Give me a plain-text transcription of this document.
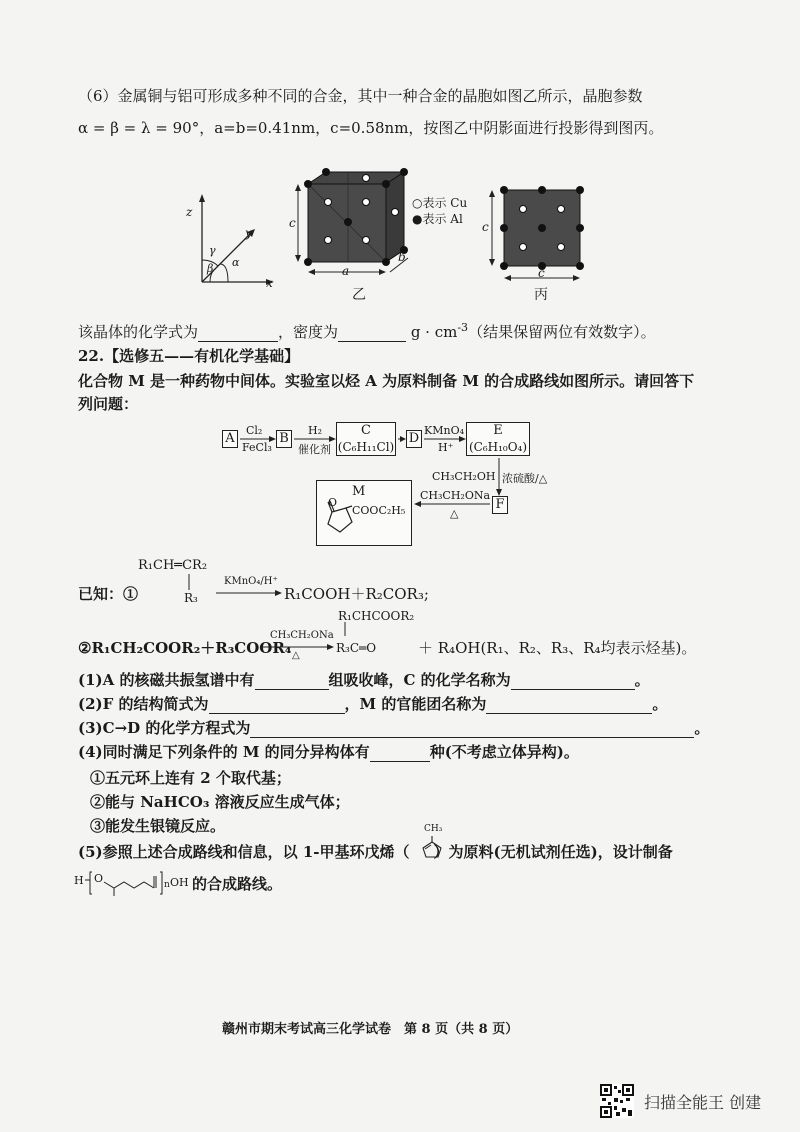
（6）金属铜与铝可形成多种不同的合金，其中一种合金的晶胞如图乙所示，晶胞参数
α = β = λ = 90°，a=b=0.41nm，c=0.58nm，按图乙中阴影面进行投影得到图丙。
z
y
x
γ
β α
c
a
b
乙
○表示 Cu
●表示 Al
c
c
丙
该晶体的化学式为	，密度为	$g \cdot cm^{-3}$（结果保留两位有效数字）。
22.【选修五——有机化学基础】
化合物 M 是一种药物中间体。实验室以烃 A 为原料制备 M 的合成路线如图所示。请回答下
列问题：
A	B
C
(C₆H₁₁Cl)
D
E
(C₆H₁₀O₄)
F
Cl₂
FeCl₃
H₂
催化剂
KMnO₄
H⁺
CH₃CH₂OH 浓硫酸/△
CH₃CH₂ONa
△
M
O
COOC₂H₅
R₁CH═CR₂
R₃
已知：①
KMnO₄/H⁺
R₁COOH＋R₂COR₃;
R₁CHCOOR₂
②R₁CH₂COOR₂＋R₃COOR₄
CH₃CH₂ONa
△
R₃C═O	＋ R₄OH(R₁、R₂、R₃、R₄均表示烃基)。
(1)A 的核磁共振氢谱中有	组吸收峰，C 的化学名称为	。
(2)F 的结构简式为	，M 的官能团名称为	。
(3)C→D 的化学方程式为	。
(4)同时满足下列条件的 M 的同分异构体有	种(不考虑立体异构)。
①五元环上连有 2 个取代基；
②能与 NaHCO₃ 溶液反应生成气体；
③能发生银镜反应。	CH₃
(5)参照上述合成路线和信息，以 1-甲基环戊烯（ ）为原料(无机试剂任选)，设计制备
H O	n OH 的合成路线。
赣州市期末考试高三化学试卷　第 8 页（共 8 页）
扫描全能王 创建
